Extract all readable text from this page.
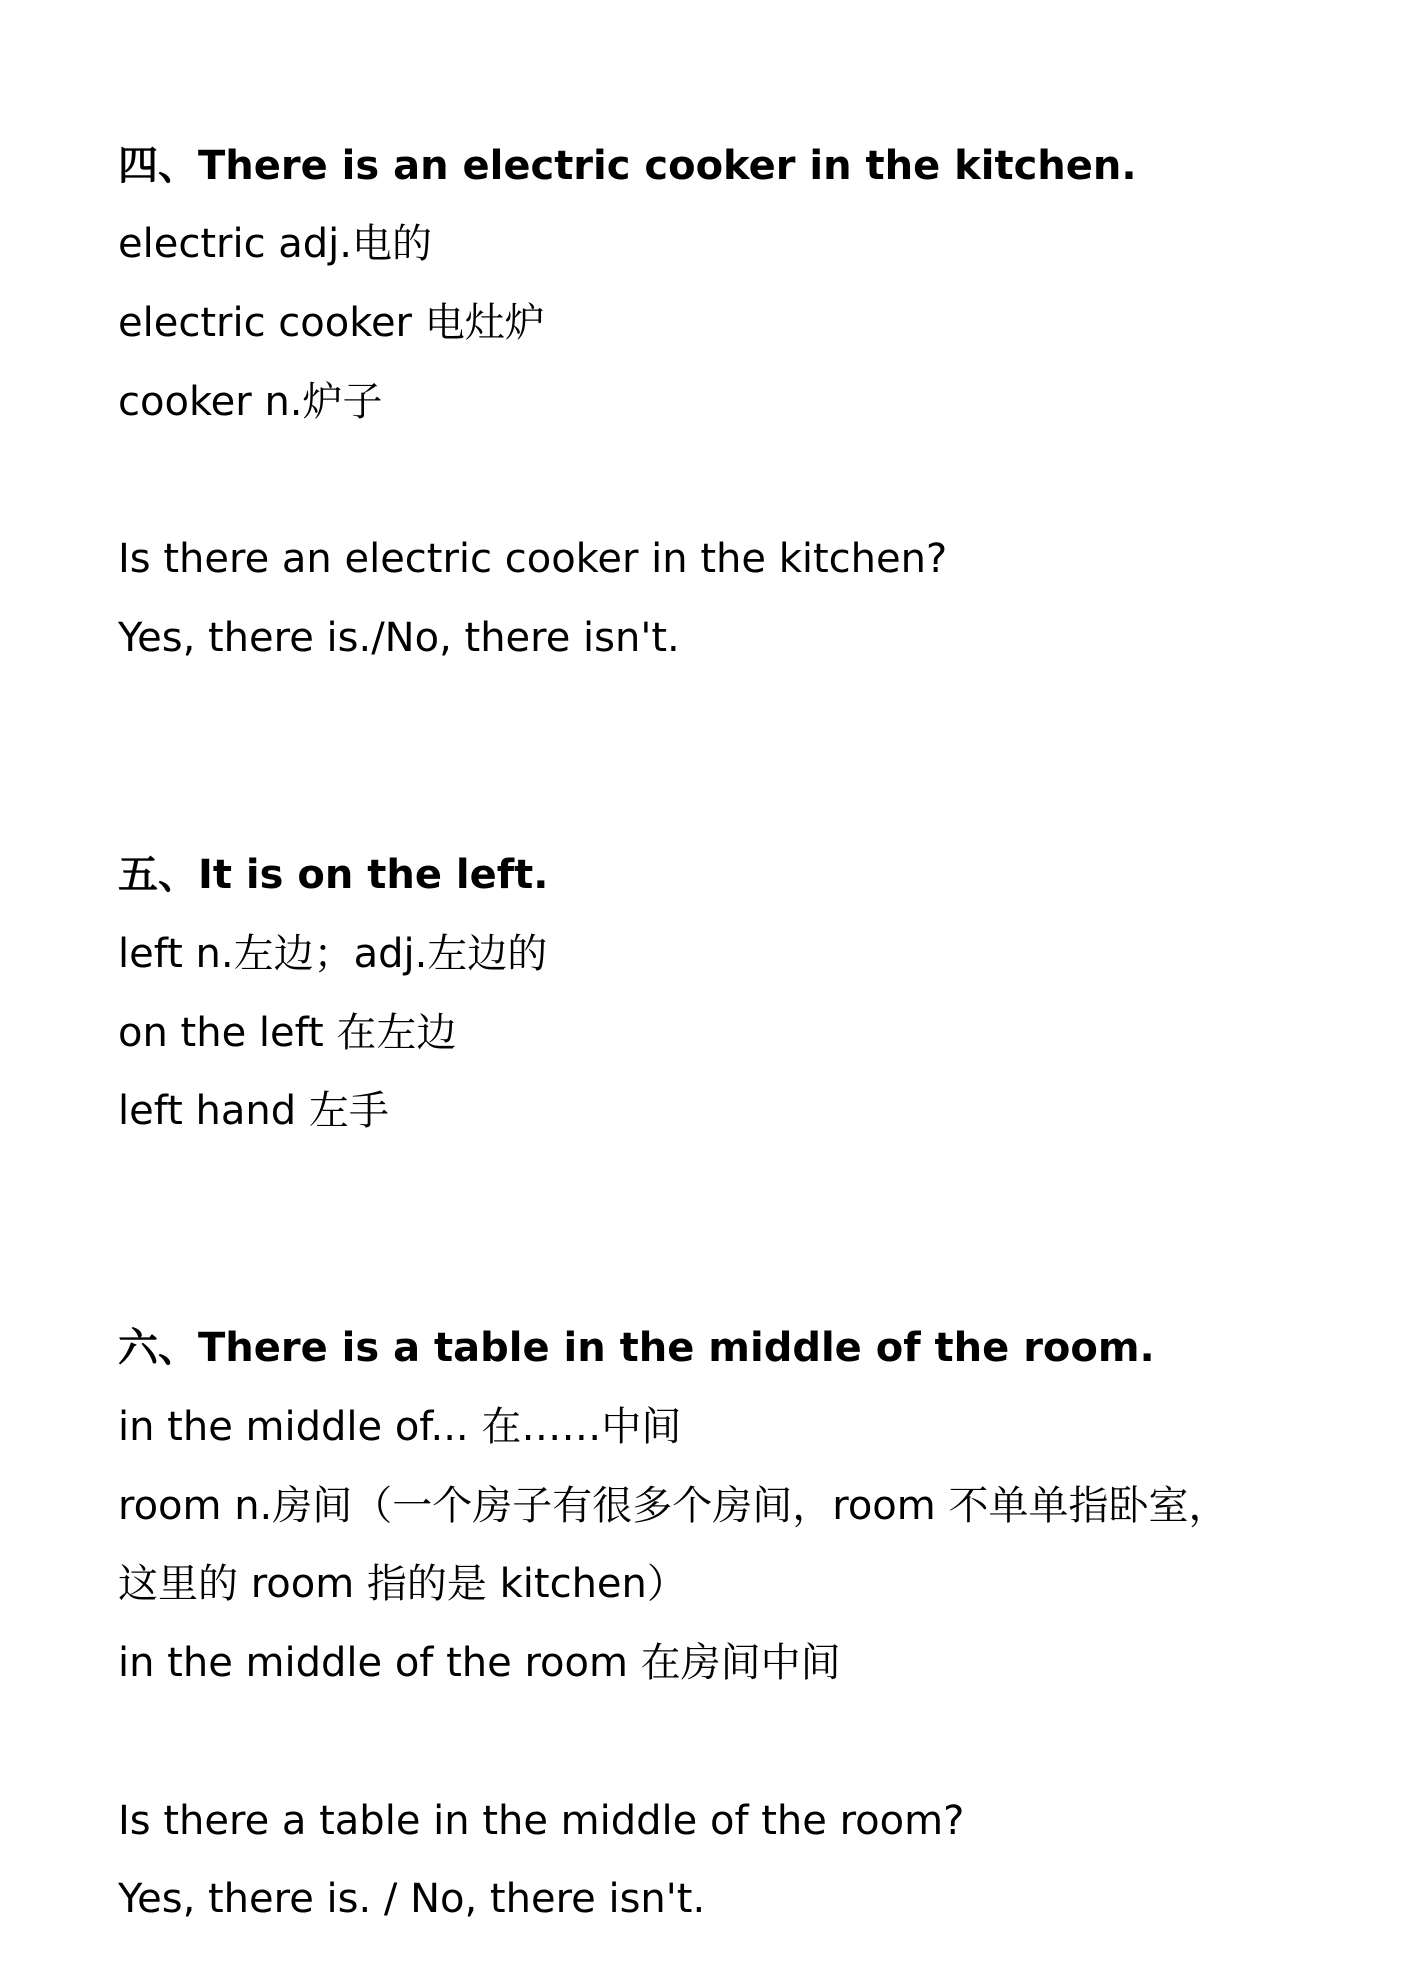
四、There is an electric cooker in the kitchen.
electric adj.电的
electric cooker 电灶炉
cooker n.炉子
Is there an electric cooker in the kitchen?
Yes, there is./No, there isn't.
五、It is on the left.
left n.左边；adj.左边的
on the left 在左边
left hand 左手
六、There is a table in the middle of the room.
in the middle of... 在……中间
room n.房间（一个房子有很多个房间，room 不单单指卧室，
这里的 room 指的是 kitchen）
in the middle of the room 在房间中间
Is there a table in the middle of the room?
Yes, there is. / No, there isn't.
